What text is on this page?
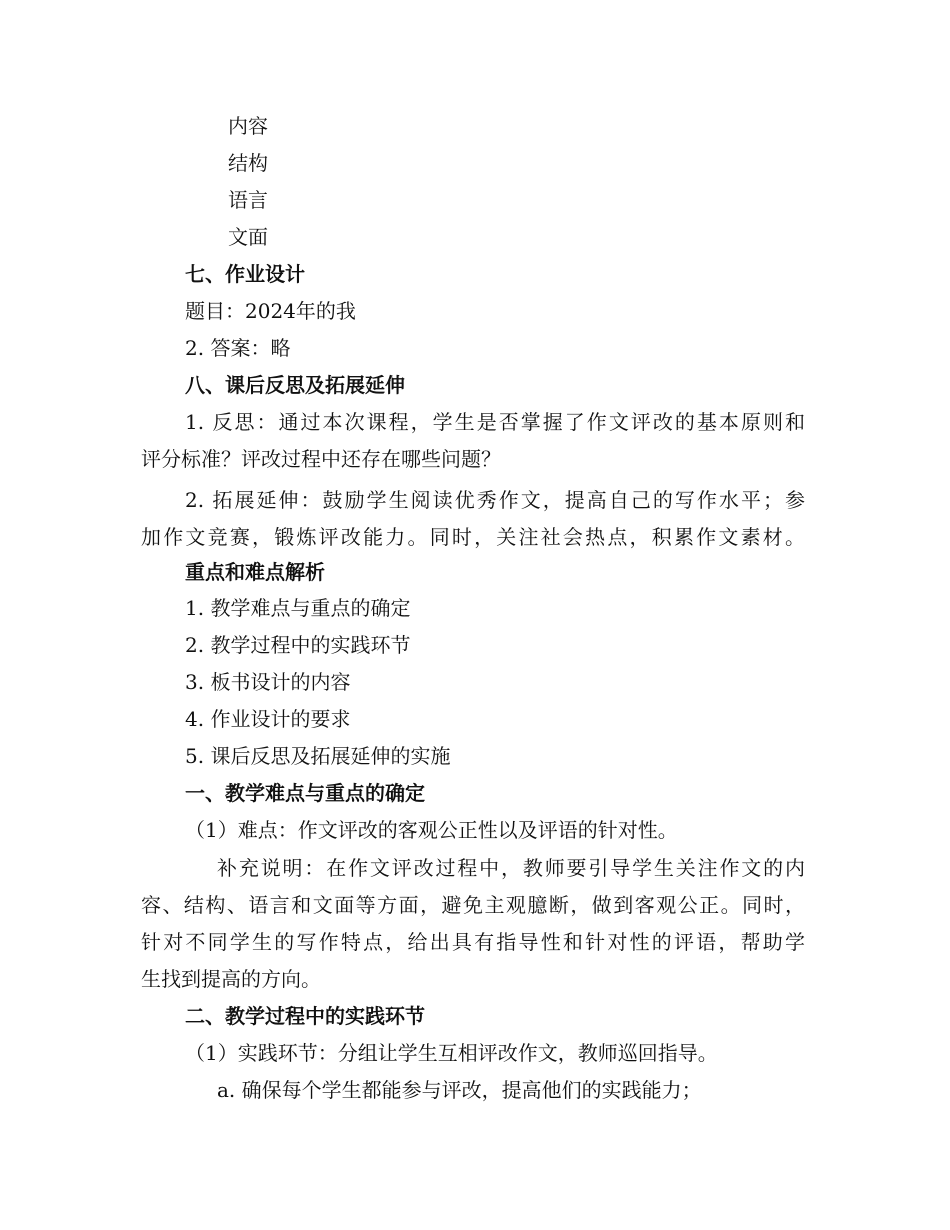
内容
结构
语言
文面
七、作业设计
题目：2024年的我
2. 答案：略
八、课后反思及拓展延伸
1. 反思：通过本次课程，学生是否掌握了作文评改的基本原则和
评分标准？评改过程中还存在哪些问题？
2. 拓展延伸：鼓励学生阅读优秀作文，提高自己的写作水平；参
加作文竞赛，锻炼评改能力。同时，关注社会热点，积累作文素材。
重点和难点解析
1. 教学难点与重点的确定
2. 教学过程中的实践环节
3. 板书设计的内容
4. 作业设计的要求
5. 课后反思及拓展延伸的实施
一、教学难点与重点的确定
（1）难点：作文评改的客观公正性以及评语的针对性。
补充说明：在作文评改过程中，教师要引导学生关注作文的内
容、结构、语言和文面等方面，避免主观臆断，做到客观公正。同时，
针对不同学生的写作特点，给出具有指导性和针对性的评语，帮助学
生找到提高的方向。
二、教学过程中的实践环节
（1）实践环节：分组让学生互相评改作文，教师巡回指导。
a. 确保每个学生都能参与评改，提高他们的实践能力；
